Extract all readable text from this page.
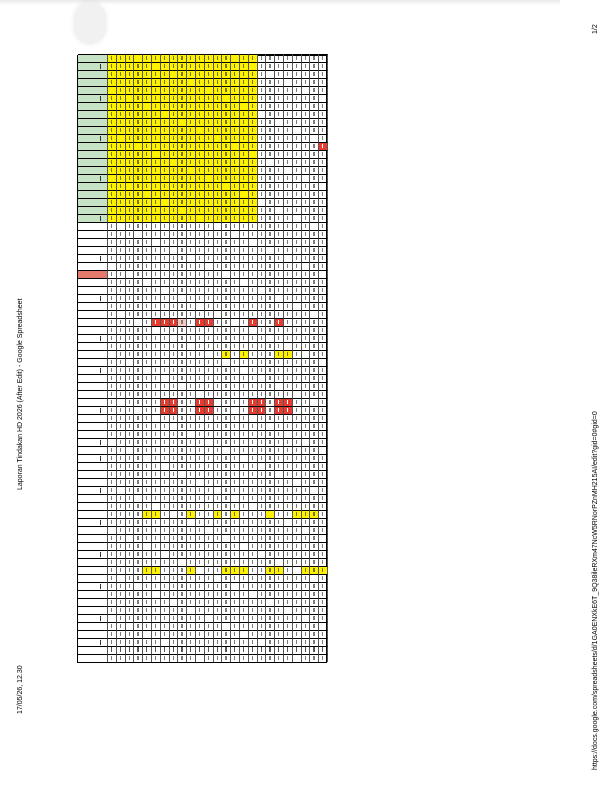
17/05/26, 12.30
Laporan Tindakan HD 2026 (After Edit) - Google Spreadsheet
https://docs.google.com/spreadsheets/d/1GA0ENXkE6T_9Q38ileRXm47NcW5RNorPZnMH215AI/edit?gid=0#gid=0
1/2
